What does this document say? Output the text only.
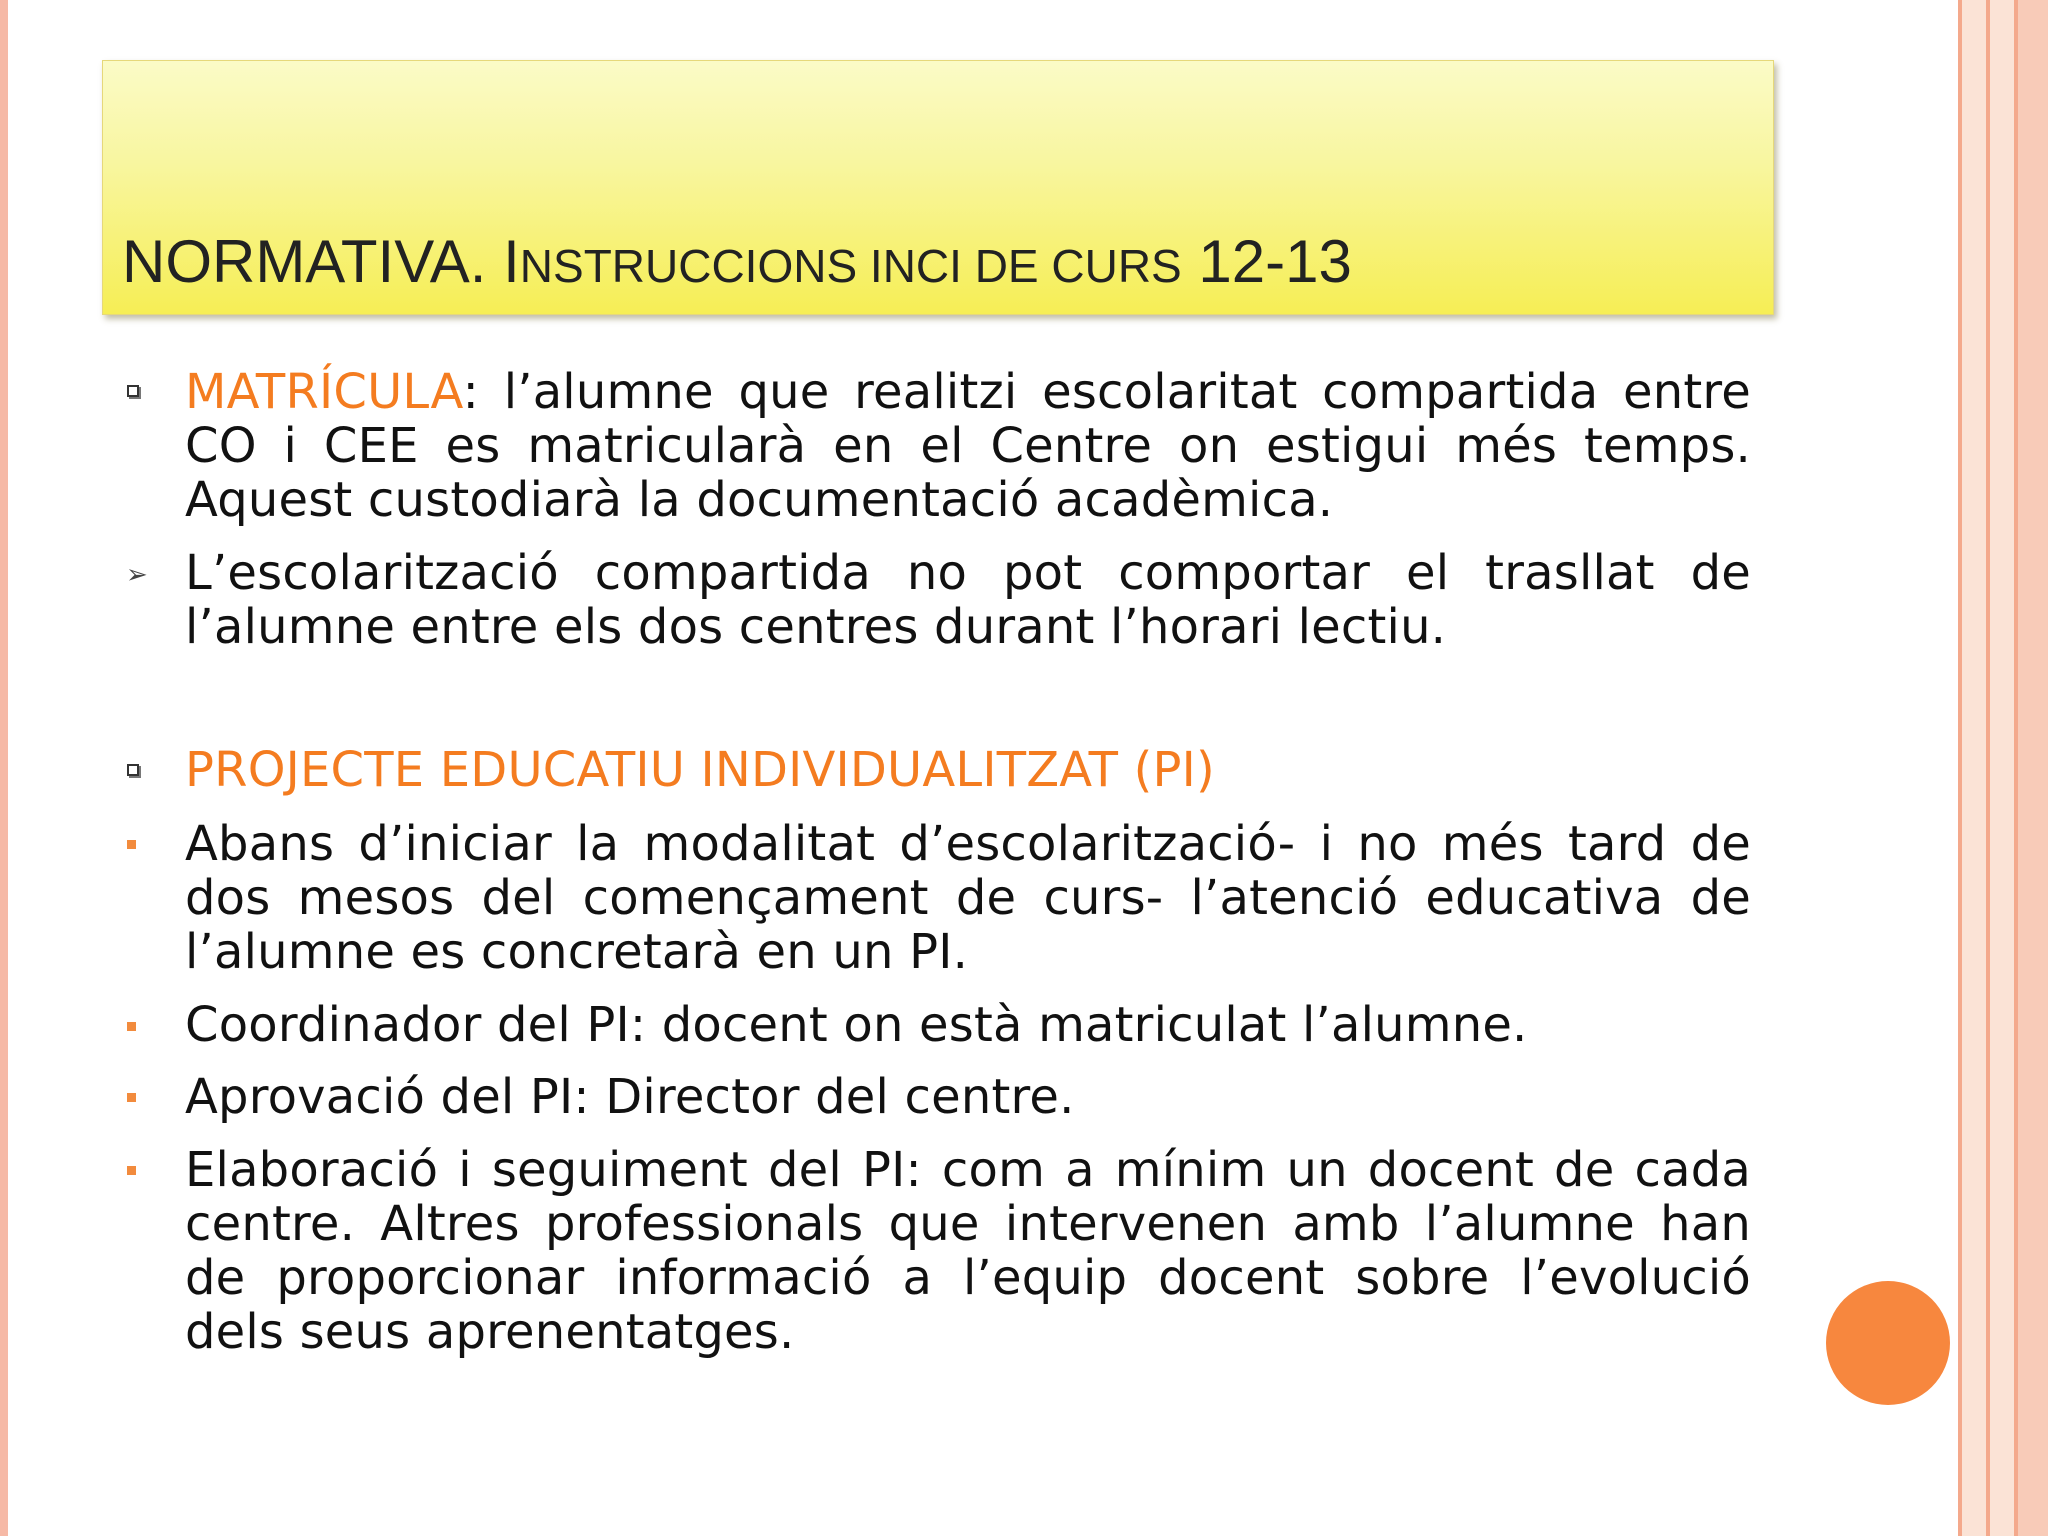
NORMATIVA. INSTRUCCIONS INCI DE CURS 12-13

MATRÍCULA: l’alumne que realitzi escolaritat compartida entre CO i CEE es matricularà en el Centre on estigui més temps. Aquest custodiarà la documentació acadèmica.

➢ L’escolarització compartida no pot comportar el trasllat de l’alumne entre els dos centres durant l’horari lectiu.

PROJECTE EDUCATIU INDIVIDUALITZAT (PI)

Abans d’iniciar la modalitat d’escolarització- i no més tard de dos mesos del començament de curs- l’atenció educativa de l’alumne es concretarà en un PI.

Coordinador del PI: docent on està matriculat l’alumne.

Aprovació del PI: Director del centre.

Elaboració i seguiment del PI: com a mínim un docent de cada centre. Altres professionals que intervenen amb l’alumne han de proporcionar informació a l’equip docent sobre l’evolució dels seus aprenentatges.
